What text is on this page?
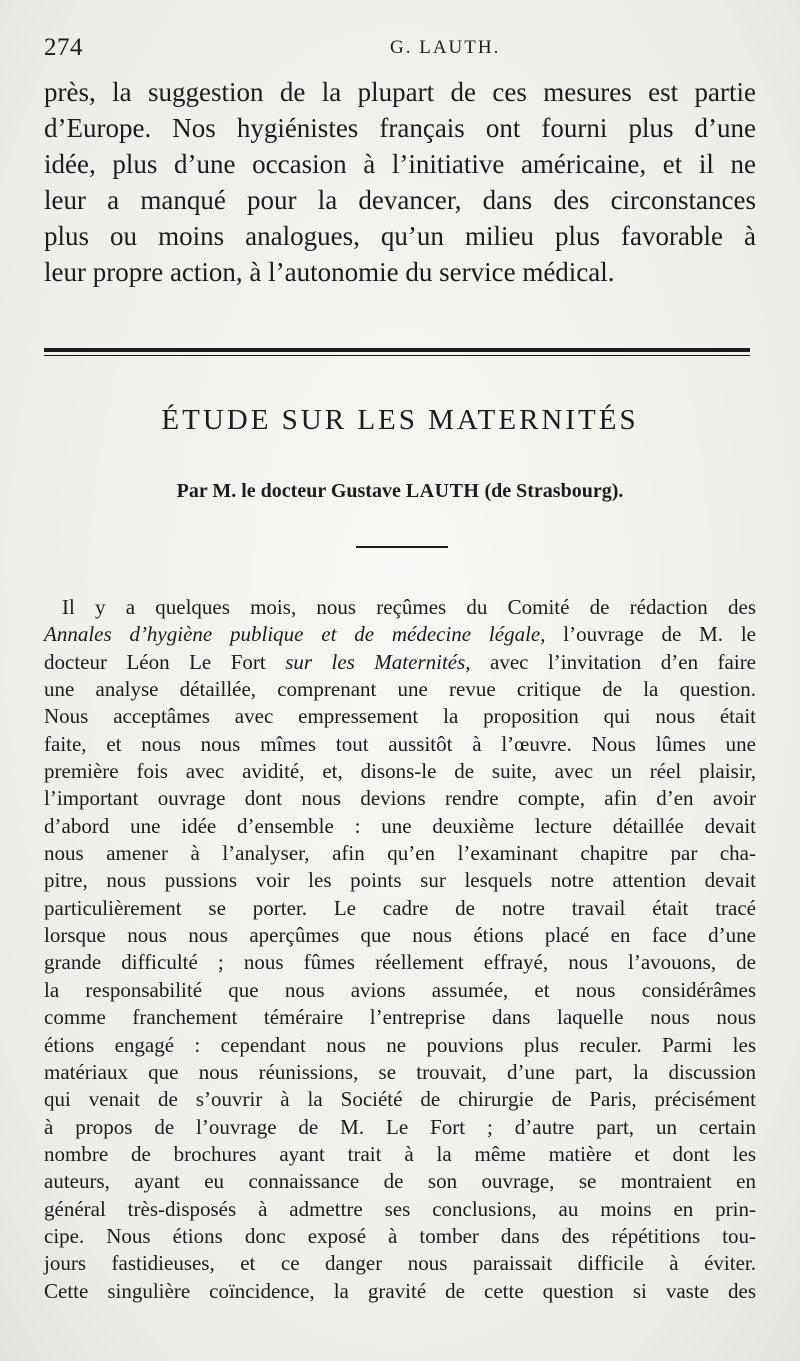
274	G. LAUTH.
près, la suggestion de la plupart de ces mesures est partie
d’Europe. Nos hygiénistes français ont fourni plus d’une
idée, plus d’une occasion à l’initiative américaine, et il ne
leur a manqué pour la devancer, dans des circonstances
plus ou moins analogues, qu’un milieu plus favorable à
leur propre action, à l’autonomie du service médical.
ÉTUDE SUR LES MATERNITÉS
Par M. le docteur Gustave LAUTH (de Strasbourg).
Il y a quelques mois, nous reçûmes du Comité de rédaction des
Annales d’hygiène publique et de médecine légale, l’ouvrage de M. le
docteur Léon Le Fort sur les Maternités, avec l’invitation d’en faire
une analyse détaillée, comprenant une revue critique de la question.
Nous acceptâmes avec empressement la proposition qui nous était
faite, et nous nous mîmes tout aussitôt à l’œuvre. Nous lûmes une
première fois avec avidité, et, disons-le de suite, avec un réel plaisir,
l’important ouvrage dont nous devions rendre compte, afin d’en avoir
d’abord une idée d’ensemble : une deuxième lecture détaillée devait
nous amener à l’analyser, afin qu’en l’examinant chapitre par cha-
pitre, nous pussions voir les points sur lesquels notre attention devait
particulièrement se porter. Le cadre de notre travail était tracé
lorsque nous nous aperçûmes que nous étions placé en face d’une
grande difficulté ; nous fûmes réellement effrayé, nous l’avouons, de
la responsabilité que nous avions assumée, et nous considérâmes
comme franchement téméraire l’entreprise dans laquelle nous nous
étions engagé : cependant nous ne pouvions plus reculer. Parmi les
matériaux que nous réunissions, se trouvait, d’une part, la discussion
qui venait de s’ouvrir à la Société de chirurgie de Paris, précisément
à propos de l’ouvrage de M. Le Fort ; d’autre part, un certain
nombre de brochures ayant trait à la même matière et dont les
auteurs, ayant eu connaissance de son ouvrage, se montraient en
général très-disposés à admettre ses conclusions, au moins en prin-
cipe. Nous étions donc exposé à tomber dans des répétitions tou-
jours fastidieuses, et ce danger nous paraissait difficile à éviter.
Cette singulière coïncidence, la gravité de cette question si vaste des
